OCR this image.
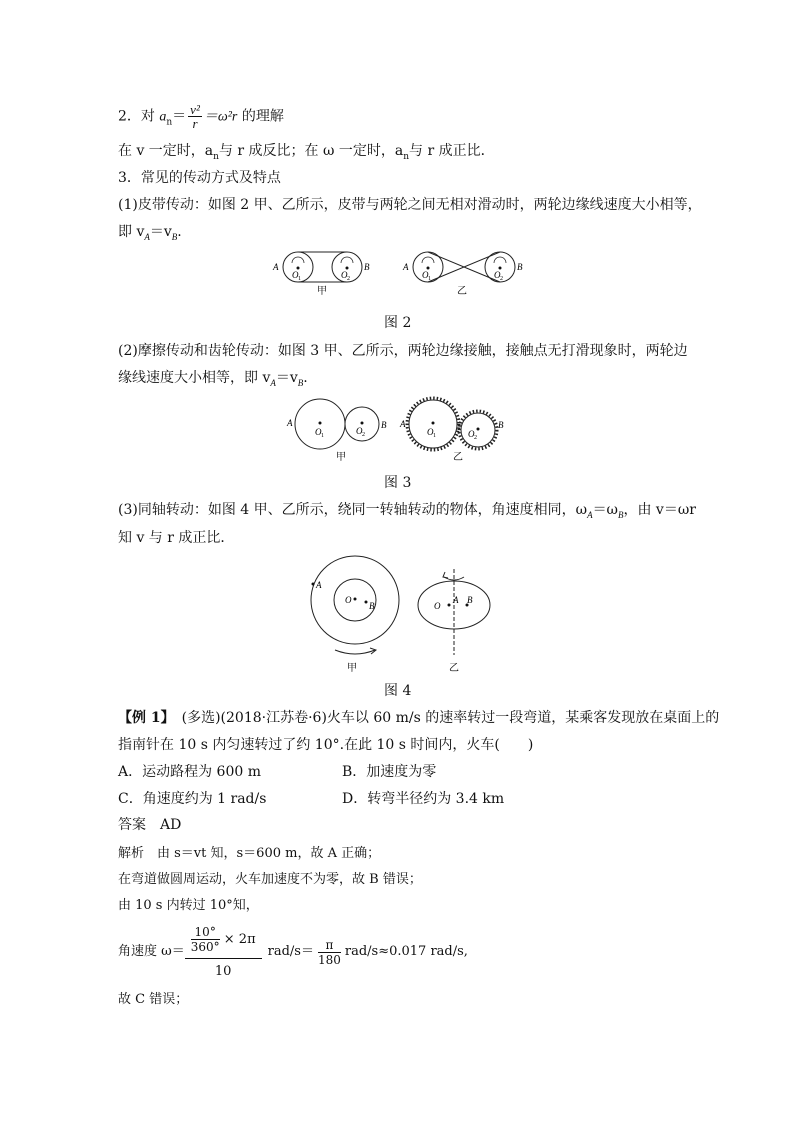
2．对 $a_n= \frac{\text{v²}}{r} =\omega^2r$ 的理解
在 v 一定时，$a_n$与 r 成反比；在 ω 一定时，$a_n$与 r 成正比．
3．常见的传动方式及特点
(1)皮带传动：如图 2 甲、乙所示，皮带与两轮之间无相对滑动时，两轮边缘线速度大小相等，
即 $v_A=v_B$.
A	B
O 1	O 2
甲
A	B
O 1	O 2
乙
图 2
(2)摩擦传动和齿轮传动：如图 3 甲、乙所示，两轮边缘接触，接触点无打滑现象时，两轮边
缘线速度大小相等，即 $v_A=v_B$.
A	B
O 1	O 2
甲
A	B
O 1	O 2
乙
图 3
(3)同轴转动：如图 4 甲、乙所示，绕同一转轴转动的物体，角速度相同，$\omega_A=\omega_B$，由 v＝ωr
知 v 与 r 成正比．
A
O
B
甲
O
A B
乙
图 4
【例 1】　(多选)(2018·江苏卷·6)火车以 60 m/s 的速率转过一段弯道，某乘客发现放在桌面上的
指南针在 10 s 内匀速转过了约 10°.在此 10 s 时间内，火车(　　)
A．运动路程为 600 m	B．加速度为零
C．角速度约为 1 rad/s	D．转弯半径约为 3.4 km
答案　AD
解析　由 s＝vt 知，s＝600 m，故 A 正确；
在弯道做圆周运动，火车加速度不为零，故 B 错误；
由 10 s 内转过 10°知，
角速度 $\omega= \frac{\frac{10^\circ}{360^\circ} \times 2\pi}{10} rad/s= \frac{\pi}{180} rad/s\approx 0.017$ rad/s,
故 C 错误；
